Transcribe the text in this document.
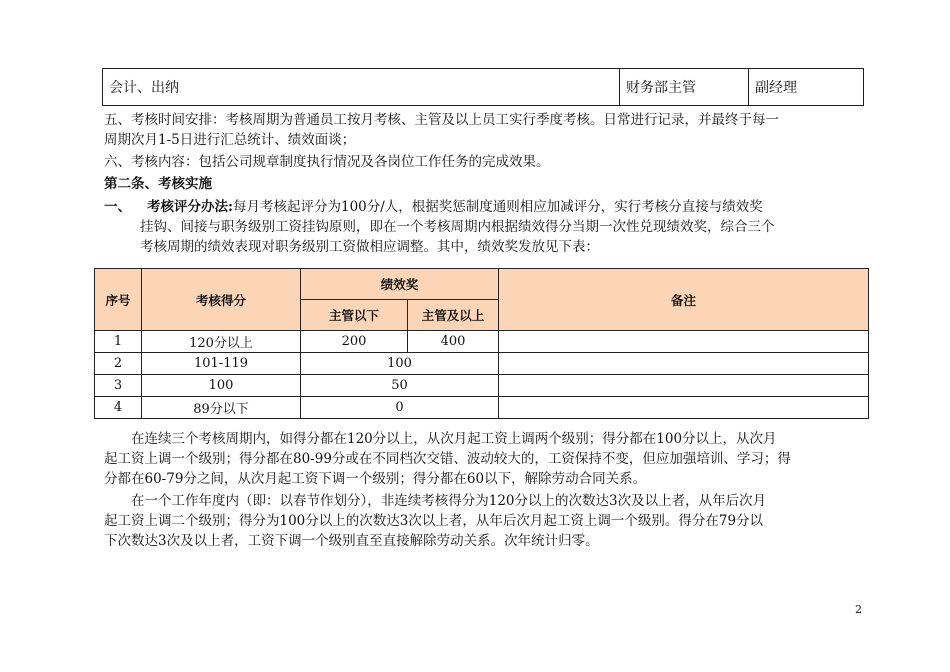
会计、出纳	财务部主管	副经理
五、考核时间安排：考核周期为普通员工按月考核、主管及以上员工实行季度考核。日常进行记录，并最终于每一
周期次月1-5日进行汇总统计、绩效面谈；
六、考核内容：包括公司规章制度执行情况及各岗位工作任务的完成效果。
第二条、考核实施
一、 考核评分办法:每月考核起评分为100分/人，根据奖惩制度通则相应加减评分，实行考核分直接与绩效奖
挂钩、间接与职务级别工资挂钩原则，即在一个考核周期内根据绩效得分当期一次性兑现绩效奖，综合三个
考核周期的绩效表现对职务级别工资做相应调整。其中，绩效奖发放见下表：
序号	考核得分	绩效奖		备注
		主管以下	主管及以上	
1	120分以上	200	400	
2	101-119	100		
3	100	50		
4	89分以下	0		
在连续三个考核周期内，如得分都在120分以上，从次月起工资上调两个级别；得分都在100分以上，从次月
起工资上调一个级别；得分都在80-99分或在不同档次交错、波动较大的，工资保持不变，但应加强培训、学习；得
分都在60-79分之间，从次月起工资下调一个级别；得分都在60以下，解除劳动合同关系。
在一个工作年度内（即：以春节作划分），非连续考核得分为120分以上的次数达3次及以上者，从年后次月
起工资上调二个级别；得分为100分以上的次数达3次以上者，从年后次月起工资上调一个级别。得分在79分以
下次数达3次及以上者，工资下调一个级别直至直接解除劳动关系。次年统计归零。
2
